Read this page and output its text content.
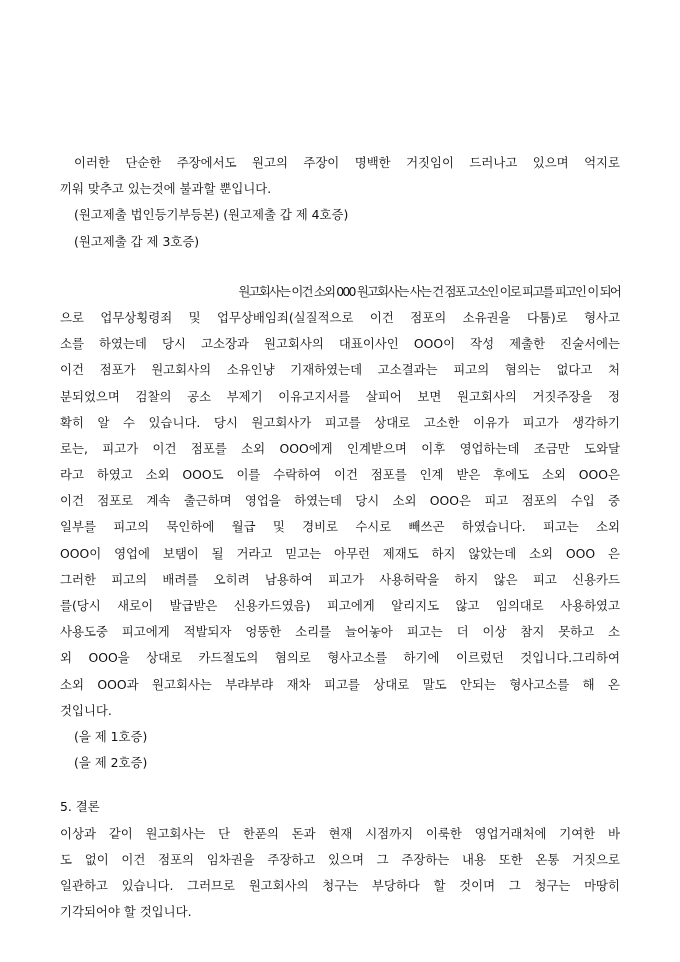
이러한 단순한 주장에서도 원고의 주장이 명백한 거짓임이 드러나고 있으며 억지로
끼워 맞추고 있는것에 불과할 뿐입니다.
(원고제출 법인등기부등본) (원고제출 갑 제 4호증)
(원고제출 갑 제 3호증)
원고회사는 이건 소외 000 원고회사는 사는 건 점포 고소인 이로 피고를 피고인 이 되어
으로 업무상횡령죄 및 업무상배임죄(실질적으로 이건 점포의 소유권을 다툼)로 형사고
소를 하였는데 당시 고소장과 원고회사의 대표이사인 OOO이 작성 제출한 진술서에는
이건 점포가 원고회사의 소유인냥 기재하였는데 고소결과는 피고의 혐의는 없다고 처
분되었으며 검찰의 공소 부제기 이유고지서를 살피어 보면 원고회사의 거짓주장을 정
확히 알 수 있습니다. 당시 원고회사가 피고를 상대로 고소한 이유가 피고가 생각하기
로는, 피고가 이건 점포를 소외 OOO에게 인계받으며 이후 영업하는데 조금만 도와달
라고 하였고 소외 OOO도 이를 수락하여 이건 점포를 인계 받은 후에도 소외 OOO은
이건 점포로 계속 출근하며 영업을 하였는데 당시 소외 OOO은 피고 점포의 수입 중
일부를 피고의 묵인하에 월급 및 경비로 수시로 빼쓰곤 하였습니다. 피고는 소외
OOO이 영업에 보탬이 될 거라고 믿고는 아무런 제재도 하지 않았는데 소외 OOO 은
그러한 피고의 배려를 오히려 남용하여 피고가 사용허락을 하지 않은 피고 신용카드
를(당시 새로이 발급받은 신용카드였음) 피고에게 알리지도 않고 임의대로 사용하였고
사용도중 피고에게 적발되자 엉뚱한 소리를 늘어놓아 피고는 더 이상 참지 못하고 소
외 OOO을 상대로 카드절도의 혐의로 형사고소를 하기에 이르렀던 것입니다.그리하여
소외 OOO과 원고회사는 부랴부랴 재차 피고를 상대로 말도 안되는 형사고소를 해 온
것입니다.
(을 제 1호증)
(을 제 2호증)
5. 결론
이상과 같이 원고회사는 단 한푼의 돈과 현재 시점까지 이룩한 영업거래처에 기여한 바
도 없이 이건 점포의 임차권을 주장하고 있으며 그 주장하는 내용 또한 온통 거짓으로
일관하고 있습니다. 그러므로 원고회사의 청구는 부당하다 할 것이며 그 청구는 마땅히
기각되어야 할 것입니다.
